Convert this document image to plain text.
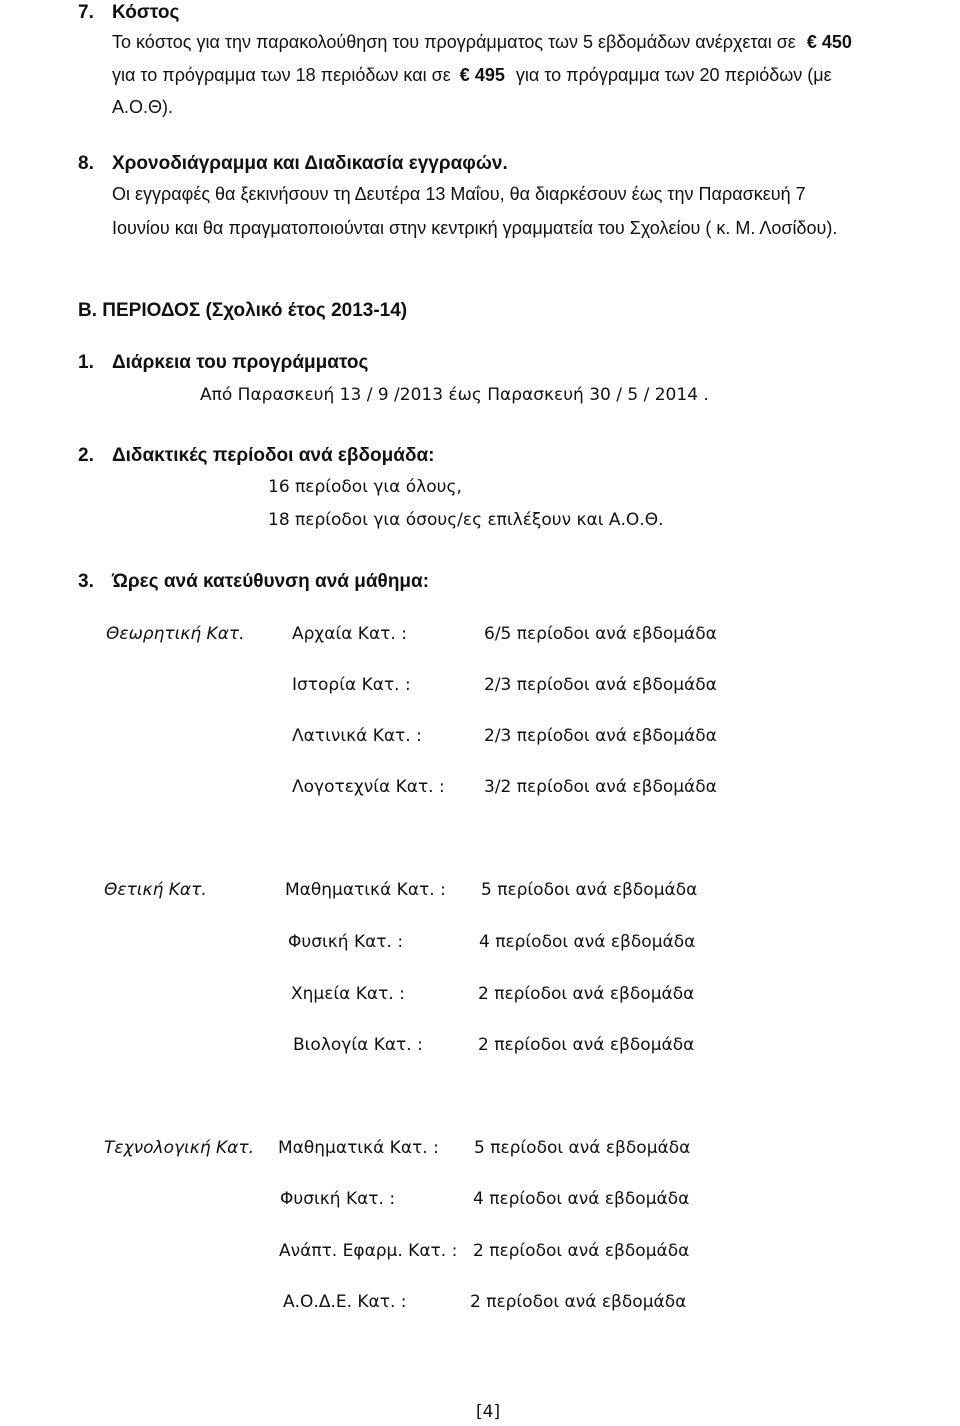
7. Κόστος
Το κόστος για την παρακολούθηση του προγράμματος των 5 εβδομάδων ανέρχεται σε € 450
για το πρόγραμμα των 18 περιόδων και σε € 495 για το πρόγραμμα των 20 περιόδων (με
Α.Ο.Θ).
8. Χρονοδιάγραμμα και Διαδικασία εγγραφών.
Οι εγγραφές θα ξεκινήσουν τη Δευτέρα 13 Μαΐου, θα διαρκέσουν έως την Παρασκευή 7
Ιουνίου και θα πραγματοποιούνται στην κεντρική γραμματεία του Σχολείου ( κ. Μ. Λοσίδου).
Β. ΠΕΡΙΟΔΟΣ (Σχολικό έτος 2013-14)
1. Διάρκεια του προγράμματος
Από Παρασκευή 13 / 9 /2013 έως Παρασκευή 30 / 5 / 2014 .
2. Διδακτικές περίοδοι ανά εβδομάδα:
16 περίοδοι για όλους,
18 περίοδοι για όσους/ες επιλέξουν και Α.Ο.Θ.
3. Ώρες ανά κατεύθυνση ανά μάθημα:
Θεωρητική Κατ.	Αρχαία Κατ. :	6/5 περίοδοι ανά εβδομάδα
Ιστορία Κατ. :	2/3 περίοδοι ανά εβδομάδα
Λατινικά Κατ. :	2/3 περίοδοι ανά εβδομάδα
Λογοτεχνία Κατ. : 3/2 περίοδοι ανά εβδομάδα
Θετική Κατ.	Μαθηματικά Κατ. : 5 περίοδοι ανά εβδομάδα
Φυσική Κατ. :	4 περίοδοι ανά εβδομάδα
Χημεία Κατ. :	2 περίοδοι ανά εβδομάδα
Βιολογία Κατ. :	2 περίοδοι ανά εβδομάδα
Τεχνολογική Κατ. Μαθηματικά Κατ. : 5 περίοδοι ανά εβδομάδα
Φυσική Κατ. :	4 περίοδοι ανά εβδομάδα
Ανάπτ. Εφαρμ. Κατ. : 2 περίοδοι ανά εβδομάδα
Α.Ο.Δ.Ε. Κατ. :	2 περίοδοι ανά εβδομάδα
[4]
